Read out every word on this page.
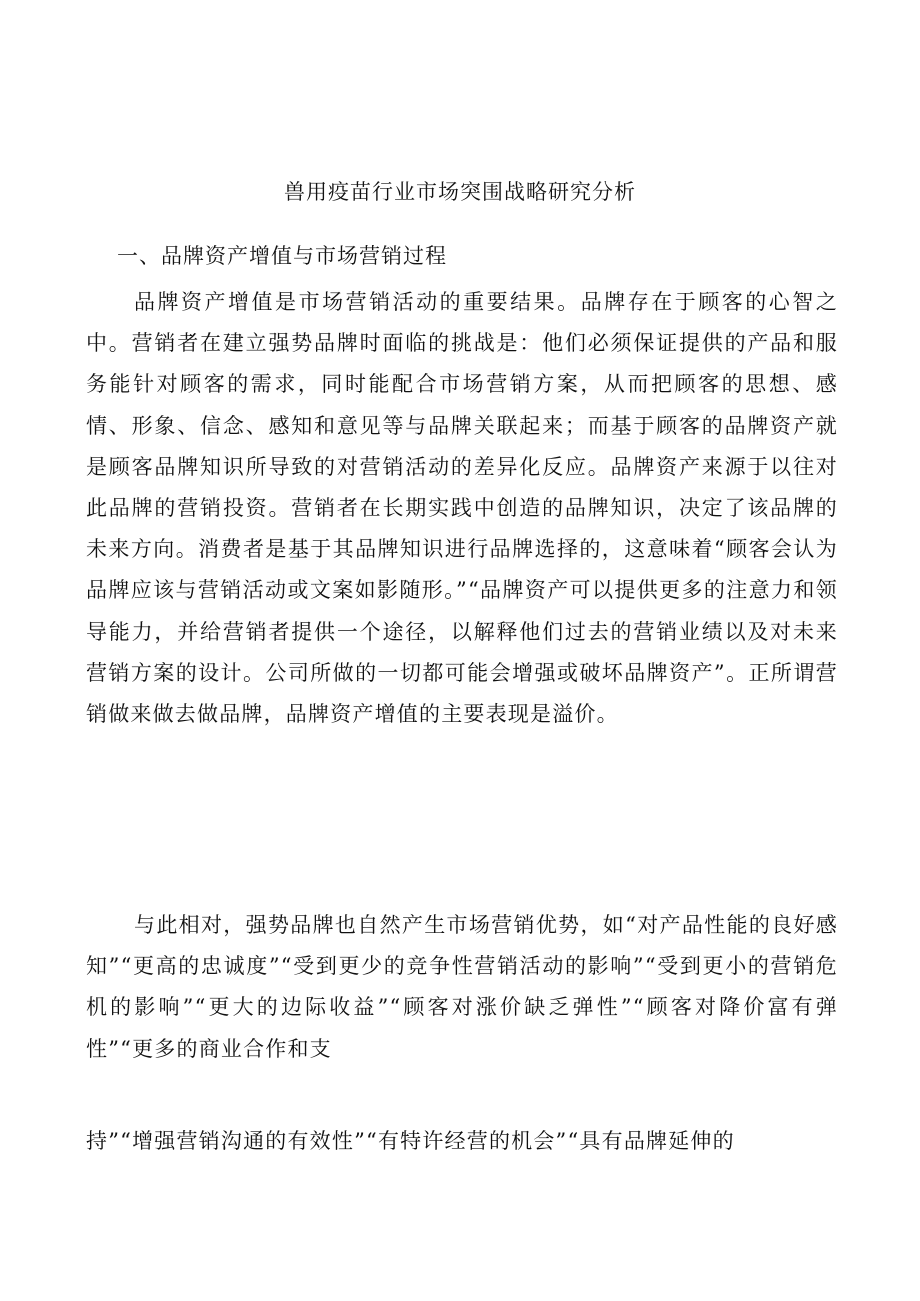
兽用疫苗行业市场突围战略研究分析
一、品牌资产增值与市场营销过程

品牌资产增值是市场营销活动的重要结果。品牌存在于顾客的心智之中。营销者在建立强势品牌时面临的挑战是：他们必须保证提供的产品和服务能针对顾客的需求，同时能配合市场营销方案，从而把顾客的思想、感情、形象、信念、感知和意见等与品牌关联起来；而基于顾客的品牌资产就是顾客品牌知识所导致的对营销活动的差异化反应。品牌资产来源于以往对此品牌的营销投资。营销者在长期实践中创造的品牌知识，决定了该品牌的未来方向。消费者是基于其品牌知识进行品牌选择的，这意味着“顾客会认为品牌应该与营销活动或文案如影随形。”“品牌资产可以提供更多的注意力和领导能力，并给营销者提供一个途径，以解释他们过去的营销业绩以及对未来营销方案的设计。公司所做的一切都可能会增强或破坏品牌资产”。正所谓营销做来做去做品牌，品牌资产增值的主要表现是溢价。

与此相对，强势品牌也自然产生市场营销优势，如“对产品性能的良好感知”“更高的忠诚度”“受到更少的竞争性营销活动的影响”“受到更小的营销危机的影响”“更大的边际收益”“顾客对涨价缺乏弹性”“顾客对降价富有弹性”“更多的商业合作和支

持”“增强营销沟通的有效性”“有特许经营的机会”“具有品牌延伸的
